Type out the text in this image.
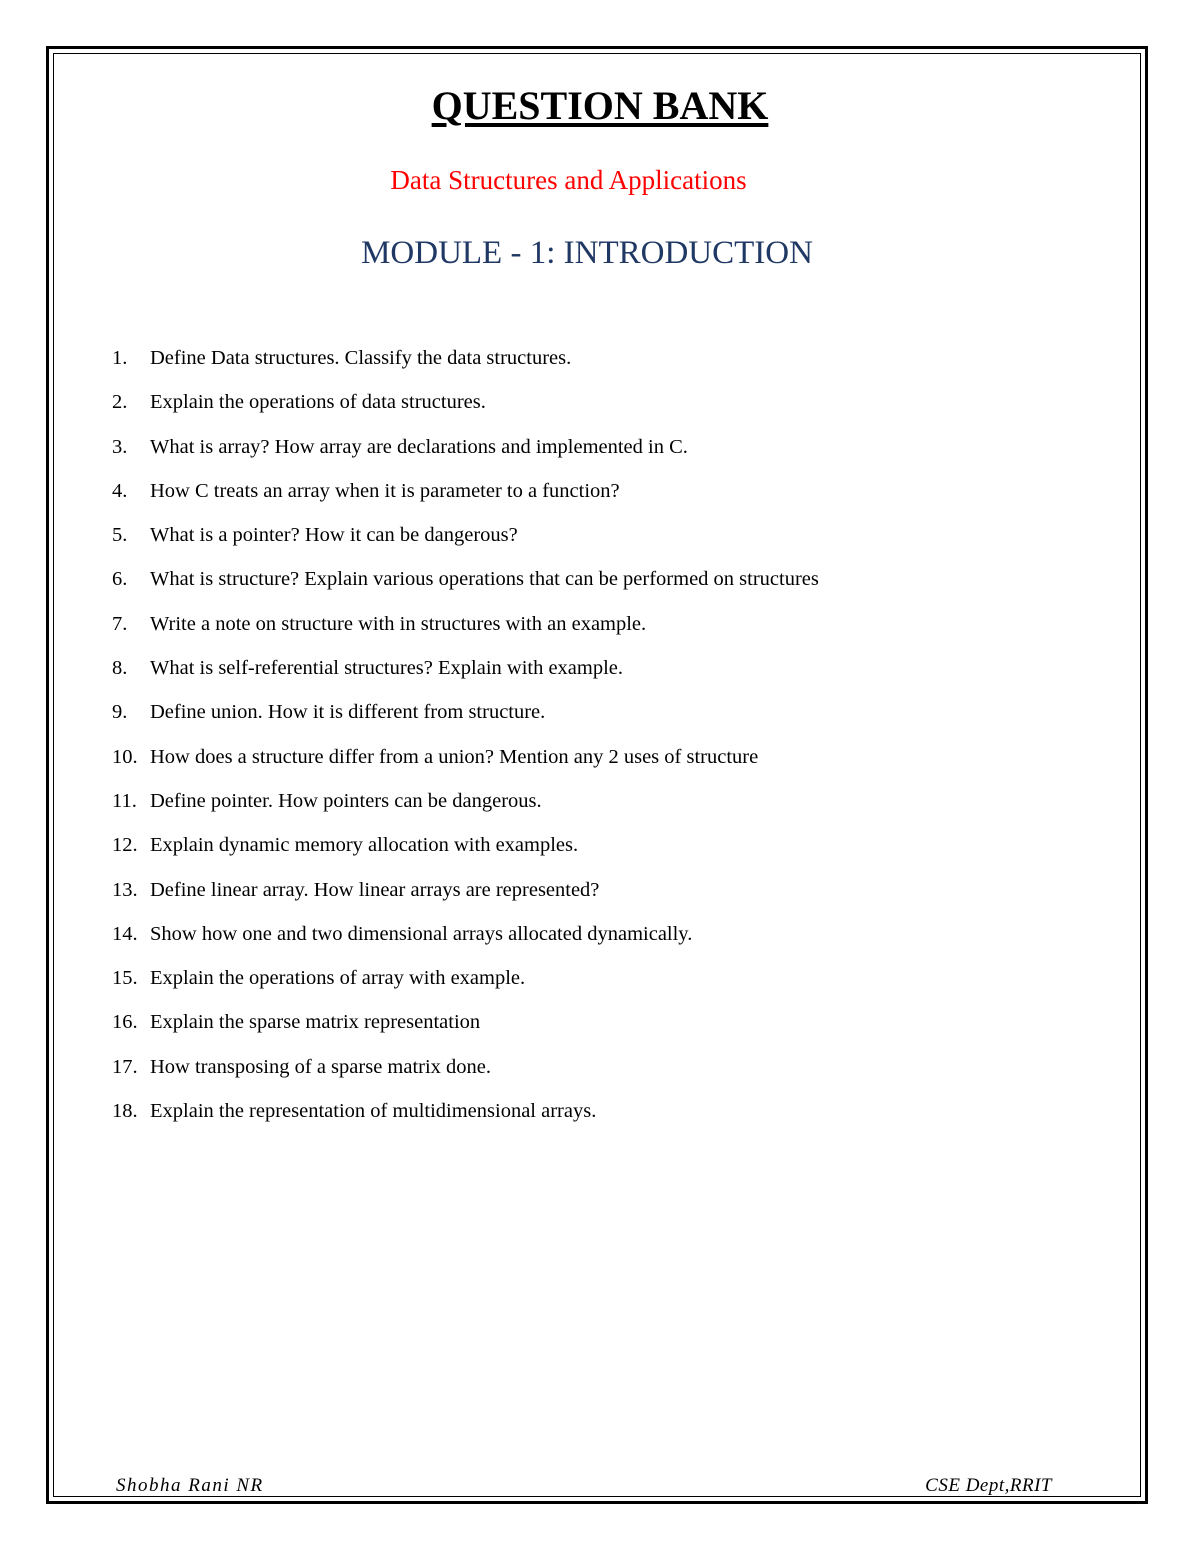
QUESTION BANK
Data Structures and Applications
MODULE - 1: INTRODUCTION
1.	Define Data structures. Classify the data structures.
2.	Explain the operations of data structures.
3.	What is array? How array are declarations and implemented in C.
4.	How C treats an array when it is parameter to a function?
5.	What is a pointer? How it can be dangerous?
6.	What is structure? Explain various operations that can be performed on structures
7.	Write a note on structure with in structures with an example.
8.	What is self-referential structures? Explain with example.
9.	Define union. How it is different from structure.
10. How does a structure differ from a union? Mention any 2 uses of structure
11. Define pointer. How pointers can be dangerous.
12. Explain dynamic memory allocation with examples.
13. Define linear array. How linear arrays are represented?
14. Show how one and two dimensional arrays allocated dynamically.
15. Explain the operations of array with example.
16. Explain the sparse matrix representation
17. How transposing of a sparse matrix done.
18. Explain the representation of multidimensional arrays.
Shobha Rani NR	CSE Dept,RRIT
